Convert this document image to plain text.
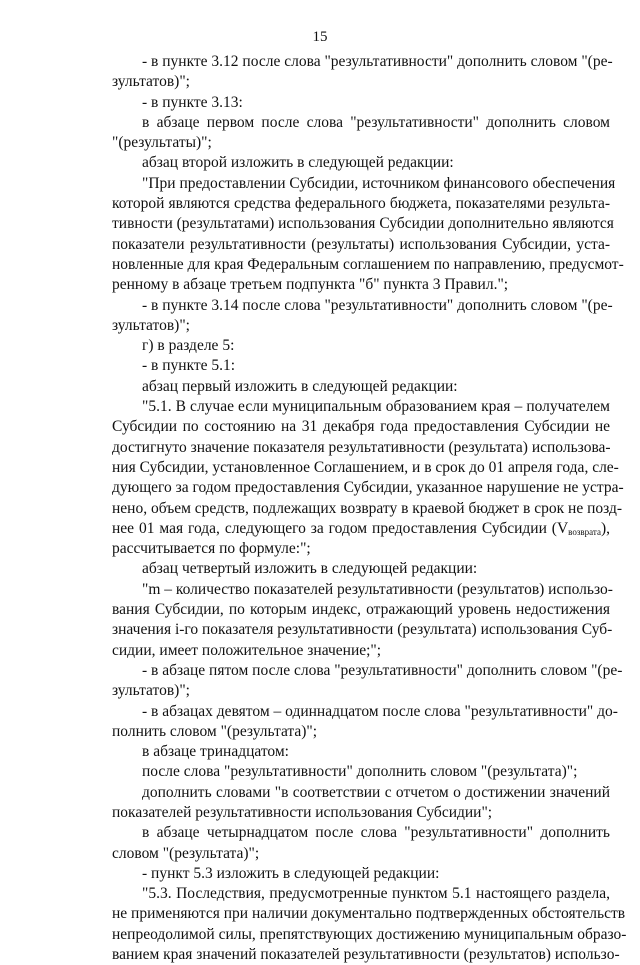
15
- в пункте 3.12 после слова "результативности" дополнить словом "(ре-
зультатов)";
- в пункте 3.13:
в абзаце первом после слова "результативности" дополнить словом
"(результаты)";
абзац второй изложить в следующей редакции:
"При предоставлении Субсидии, источником финансового обеспечения
которой являются средства федерального бюджета, показателями результа-
тивности (результатами) использования Субсидии дополнительно являются
показатели результативности (результаты) использования Субсидии, уста-
новленные для края Федеральным соглашением по направлению, предусмот-
ренному в абзаце третьем подпункта "б" пункта 3 Правил.";
- в пункте 3.14 после слова "результативности" дополнить словом "(ре-
зультатов)";
г) в разделе 5:
- в пункте 5.1:
абзац первый изложить в следующей редакции:
"5.1. В случае если муниципальным образованием края – получателем
Субсидии по состоянию на 31 декабря года предоставления Субсидии не
достигнуто значение показателя результативности (результата) использова-
ния Субсидии, установленное Соглашением, и в срок до 01 апреля года, сле-
дующего за годом предоставления Субсидии, указанное нарушение не устра-
нено, объем средств, подлежащих возврату в краевой бюджет в срок не позд-
нее 01 мая года, следующего за годом предоставления Субсидии $(V_{возврата})$,
рассчитывается по формуле:";
абзац четвертый изложить в следующей редакции:
"m – количество показателей результативности (результатов) использо-
вания Субсидии, по которым индекс, отражающий уровень недостижения
значения i-го показателя результативности (результата) использования Суб-
сидии, имеет положительное значение;";
- в абзаце пятом после слова "результативности" дополнить словом "(ре-
зультатов)";
- в абзацах девятом – одиннадцатом после слова "результативности" до-
полнить словом "(результата)";
в абзаце тринадцатом:
после слова "результативности" дополнить словом "(результата)";
дополнить словами "в соответствии с отчетом о достижении значений
показателей результативности использования Субсидии";
в абзаце четырнадцатом после слова "результативности" дополнить
словом "(результата)";
- пункт 5.3 изложить в следующей редакции:
"5.3. Последствия, предусмотренные пунктом 5.1 настоящего раздела,
не применяются при наличии документально подтвержденных обстоятельств
непреодолимой силы, препятствующих достижению муниципальным образо-
ванием края значений показателей результативности (результатов) использо-
